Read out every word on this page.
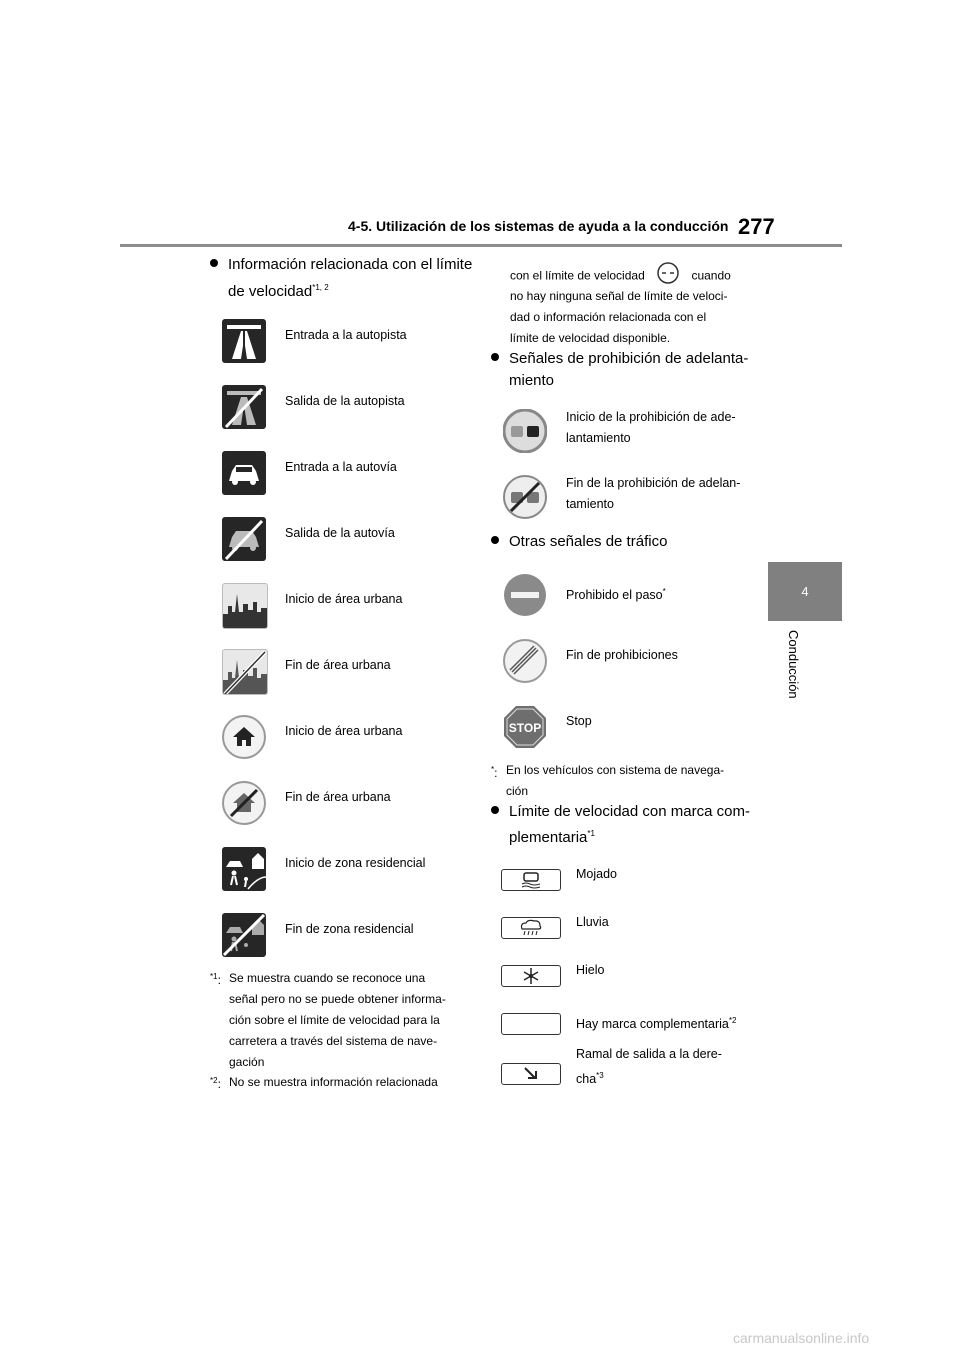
4-5. Utilización de los sistemas de ayuda a la conducción 277
4
Conducción
Información relacionada con el límite
de velocidad$^{*1, 2}$
Entrada a la autopista
Salida de la autopista
Entrada a la autovía
Salida de la autovía
Inicio de área urbana
Fin de área urbana
Inicio de área urbana
Fin de área urbana
Inicio de zona residencial
Fin de zona residencial
$^{*1}$: Se muestra cuando se reconoce una
señal pero no se puede obtener informa-
ción sobre el límite de velocidad para la
carretera a través del sistema de nave-
gación
$^{*2}$: No se muestra información relacionada
con el límite de velocidad	cuando
no hay ninguna señal de límite de veloci-
dad o información relacionada con el
límite de velocidad disponible.
Señales de prohibición de adelanta-
miento
Inicio de la prohibición de ade-
lantamiento
Fin de la prohibición de adelan-
tamiento
Otras señales de tráfico
Prohibido el paso*
Fin de prohibiciones
STOP Stop
*: En los vehículos con sistema de navega-
ción
Límite de velocidad con marca com-
plementaria$^{*1}$
Mojado
Lluvia
Hielo
Hay marca complementaria$^{*2}$
Ramal de salida a la dere-
cha$^{*3}$
carmanualsonline.info
